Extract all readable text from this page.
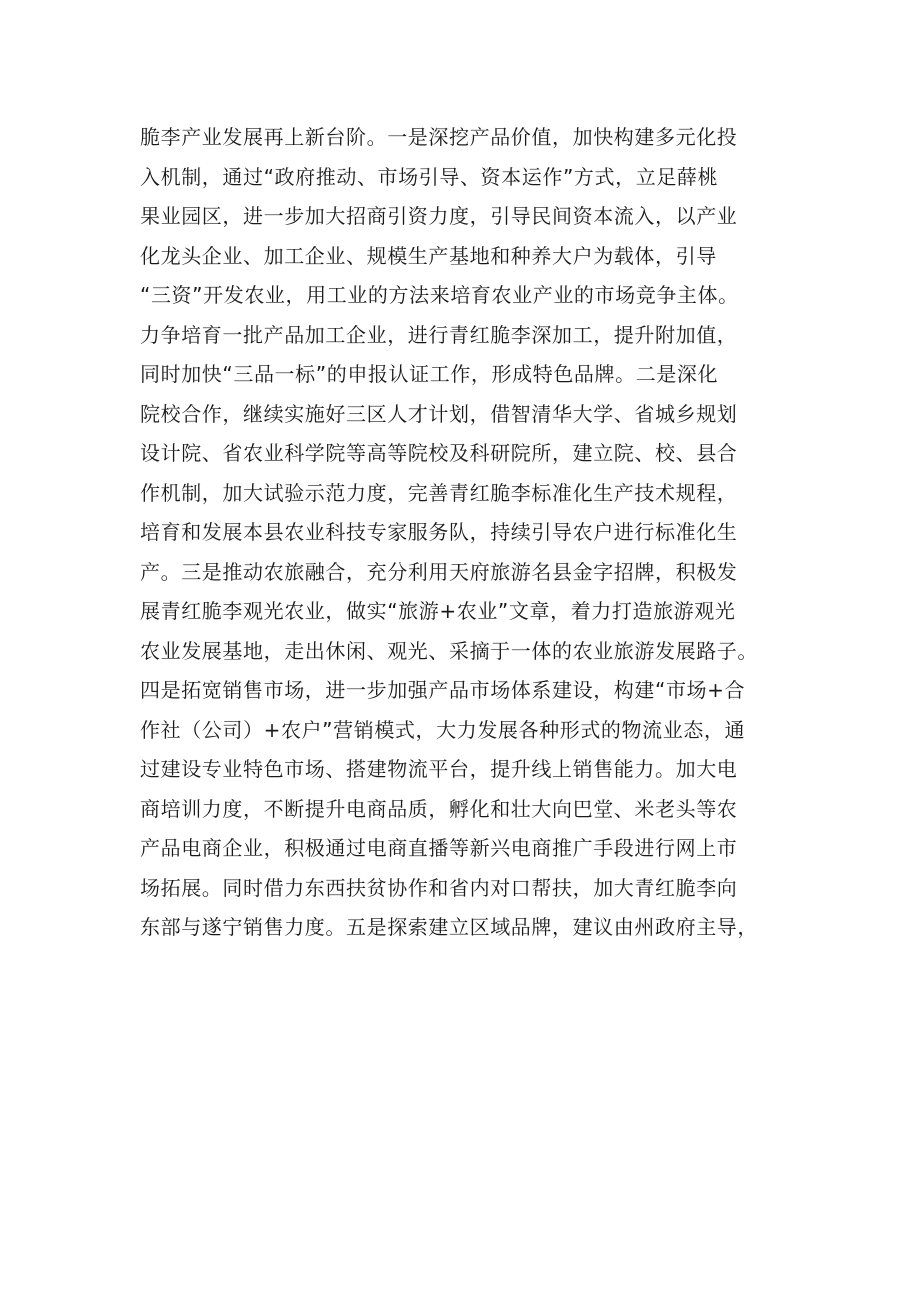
脆李产业发展再上新台阶。一是深挖产品价值，加快构建多元化投
入机制，通过“政府推动、市场引导、资本运作”方式，立足薛桃
果业园区，进一步加大招商引资力度，引导民间资本流入，以产业
化龙头企业、加工企业、规模生产基地和种养大户为载体，引导
“三资”开发农业，用工业的方法来培育农业产业的市场竞争主体。
力争培育一批产品加工企业，进行青红脆李深加工，提升附加值，
同时加快“三品一标”的申报认证工作，形成特色品牌。二是深化
院校合作，继续实施好三区人才计划，借智清华大学、省城乡规划
设计院、省农业科学院等高等院校及科研院所，建立院、校、县合
作机制，加大试验示范力度，完善青红脆李标准化生产技术规程，
培育和发展本县农业科技专家服务队，持续引导农户进行标准化生
产。三是推动农旅融合，充分利用天府旅游名县金字招牌，积极发
展青红脆李观光农业，做实“旅游+农业”文章，着力打造旅游观光
农业发展基地，走出休闲、观光、采摘于一体的农业旅游发展路子。
四是拓宽销售市场，进一步加强产品市场体系建设，构建“市场+合
作社（公司）+农户”营销模式，大力发展各种形式的物流业态，通
过建设专业特色市场、搭建物流平台，提升线上销售能力。加大电
商培训力度，不断提升电商品质，孵化和壮大向巴堂、米老头等农
产品电商企业，积极通过电商直播等新兴电商推广手段进行网上市
场拓展。同时借力东西扶贫协作和省内对口帮扶，加大青红脆李向
东部与遂宁销售力度。五是探索建立区域品牌，建议由州政府主导，
